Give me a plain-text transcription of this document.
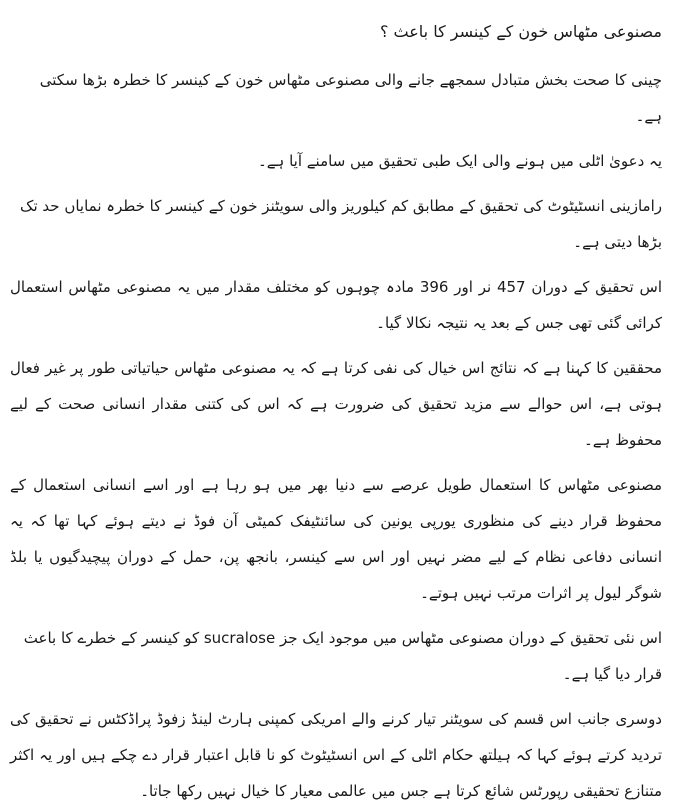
مصنوعی مٹھاس خون کے کینسر کا باعث ؟

چینی کا صحت بخش متبادل سمجھے جانے والی مصنوعی مٹھاس خون کے کینسر کا خطرہ بڑھا سکتی ہے۔

یہ دعویٰ اٹلی میں ہونے والی ایک طبی تحقیق میں سامنے آیا ہے۔

رامازینی انسٹیٹوٹ کی تحقیق کے مطابق کم کیلوریز والی سویٹنز خون کے کینسر کا خطرہ نمایاں حد تک بڑھا دیتی ہے۔

اس تحقیق کے دوران 457 نر اور 396 مادہ چوہوں کو مختلف مقدار میں یہ مصنوعی مٹھاس استعمال کرائی گئی تھی جس کے بعد یہ نتیجہ نکالا گیا۔

محققین کا کہنا ہے کہ نتائج اس خیال کی نفی کرتا ہے کہ یہ مصنوعی مٹھاس حیاتیاتی طور پر غیر فعال ہوتی ہے، اس حوالے سے مزید تحقیق کی ضرورت ہے کہ اس کی کتنی مقدار انسانی صحت کے لیے محفوظ ہے۔

مصنوعی مٹھاس کا استعمال طویل عرصے سے دنیا بھر میں ہو رہا ہے اور اسے انسانی استعمال کے محفوظ قرار دینے کی منظوری یورپی یونین کی سائنٹیفک کمیٹی آن فوڈ نے دیتے ہوئے کہا تھا کہ یہ انسانی دفاعی نظام کے لیے مضر نہیں اور اس سے کینسر، بانجھ پن، حمل کے دوران پیچیدگیوں یا بلڈ شوگر لیول پر اثرات مرتب نہیں ہوتے۔

اس نئی تحقیق کے دوران مصنوعی مٹھاس میں موجود ایک جز sucralose کو کینسر کے خطرے کا باعث قرار دیا گیا ہے۔

دوسری جانب اس قسم کی سویٹنر تیار کرنے والے امریکی کمپنی ہارٹ لینڈ زفوڈ پراڈکٹس نے تحقیق کی تردید کرتے ہوئے کہا کہ ہیلتھ حکام اٹلی کے اس انسٹیٹوٹ کو نا قابل اعتبار قرار دے چکے ہیں اور یہ اکثر متنازع تحقیقی رپورٹس شائع کرتا ہے جس میں عالمی معیار کا خیال نہیں رکھا جاتا۔
